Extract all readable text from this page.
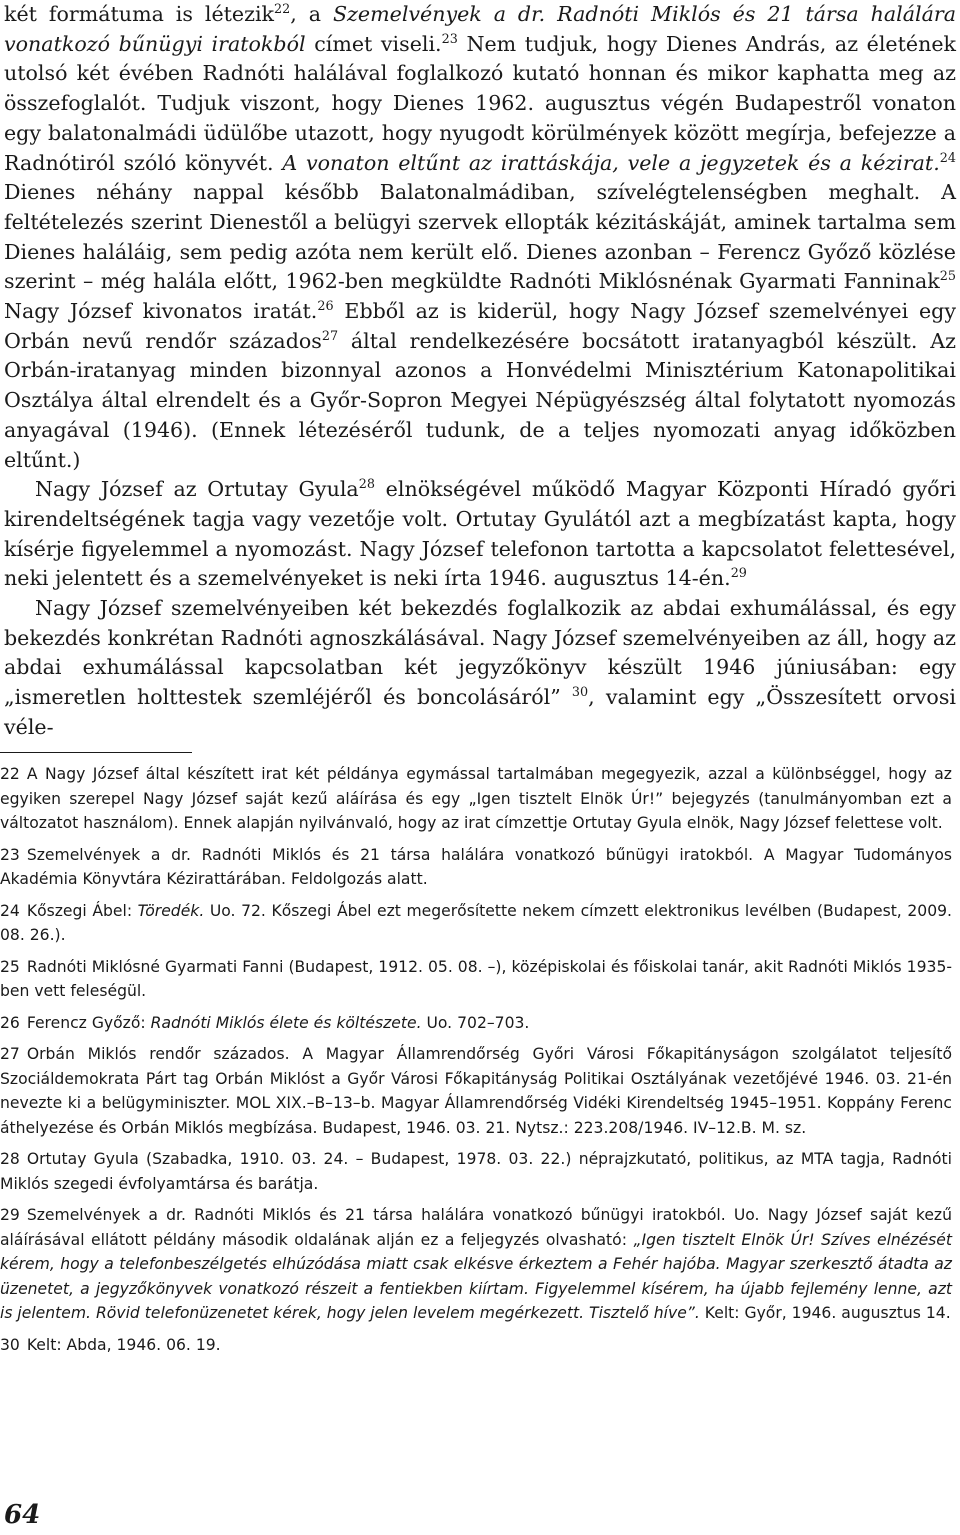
két formátuma is létezik$^{22}$, a Szemelvények a dr. Radnóti Miklós és 21 társa halálára vonatkozó bűnügyi iratokból címet viseli.$^{23}$ Nem tudjuk, hogy Dienes András, az életének utolsó két évében Radnóti halálával foglalkozó kutató honnan és mikor kaphatta meg az összefoglalót. Tudjuk viszont, hogy Dienes 1962. augusztus végén Budapestről vonaton egy balatonalmádi üdülőbe utazott, hogy nyugodt körülmények között megírja, befejezze a Radnótiról szóló könyvét. A vonaton eltűnt az irattáskája, vele a jegyzetek és a kézirat.$^{24}$ Dienes néhány nappal később Balatonalmádiban, szívelégtelenségben meghalt. A feltételezés szerint Dienestől a belügyi szervek ellopták kézitáskáját, aminek tartalma sem Dienes haláláig, sem pedig azóta nem került elő. Dienes azonban – Ferencz Győző közlése szerint – még halála előtt, 1962-ben megküldte Radnóti Miklósnénak Gyarmati Fanninak$^{25}$ Nagy József kivonatos iratát.$^{26}$ Ebből az is kiderül, hogy Nagy József szemelvényei egy Orbán nevű rendőr százados$^{27}$ által rendelkezésére bocsátott iratanyagból készült. Az Orbán-iratanyag minden bizonnyal azonos a Honvédelmi Minisztérium Katonapolitikai Osztálya által elrendelt és a Győr-Sopron Megyei Népügyészség által folytatott nyomozás anyagával (1946). (Ennek létezéséről tudunk, de a teljes nyomozati anyag időközben eltűnt.)
Nagy József az Ortutay Gyula$^{28}$ elnökségével működő Magyar Központi Híradó győri kirendeltségének tagja vagy vezetője volt. Ortutay Gyulától azt a megbízatást kapta, hogy kísérje figyelemmel a nyomozást. Nagy József telefonon tartotta a kapcsolatot felettesével, neki jelentett és a szemelvényeket is neki írta 1946. augusztus 14-én.$^{29}$
Nagy József szemelvényeiben két bekezdés foglalkozik az abdai exhumálással, és egy bekezdés konkrétan Radnóti agnoszkálásával. Nagy József szemelvényeiben az áll, hogy az abdai exhumálással kapcsolatban két jegyzőkönyv készült 1946 júniusában: egy „ismeretlen holttestek szemléjéről és boncolásáról” $^{30}$, valamint egy „Összesített orvosi véle-

22 A Nagy József által készített irat két példánya egymással tartalmában megegyezik, azzal a különbséggel, hogy az egyiken szerepel Nagy József saját kezű aláírása és egy „Igen tisztelt Elnök Úr!” bejegyzés (tanulmányomban ezt a változatot használom). Ennek alapján nyilvánvaló, hogy az irat címzettje Ortutay Gyula elnök, Nagy József felettese volt.

23 Szemelvények a dr. Radnóti Miklós és 21 társa halálára vonatkozó bűnügyi iratokból. A Magyar Tudományos Akadémia Könyvtára Kézirattárában. Feldolgozás alatt.

24 Kőszegi Ábel: Töredék. Uo. 72. Kőszegi Ábel ezt megerősítette nekem címzett elektronikus levélben (Budapest, 2009. 08. 26.).

25 Radnóti Miklósné Gyarmati Fanni (Budapest, 1912. 05. 08. –), középiskolai és főiskolai tanár, akit Radnóti Miklós 1935-ben vett feleségül.

26 Ferencz Győző: Radnóti Miklós élete és költészete. Uo. 702–703.

27 Orbán Miklós rendőr százados. A Magyar Államrendőrség Győri Városi Főkapitányságon szolgálatot teljesítő Szociáldemokrata Párt tag Orbán Miklóst a Győr Városi Főkapitányság Politikai Osztályának vezetőjévé 1946. 03. 21-én nevezte ki a belügyminiszter. MOL XIX.–B–13–b. Magyar Államrendőrség Vidéki Kirendeltség 1945–1951. Koppány Ferenc áthelyezése és Orbán Miklós megbízása. Budapest, 1946. 03. 21. Nytsz.: 223.208/1946. IV–12.B. M. sz.

28 Ortutay Gyula (Szabadka, 1910. 03. 24. – Budapest, 1978. 03. 22.) néprajzkutató, politikus, az MTA tagja, Radnóti Miklós szegedi évfolyamtársa és barátja.

29 Szemelvények a dr. Radnóti Miklós és 21 társa halálára vonatkozó bűnügyi iratokból. Uo. Nagy József saját kezű aláírásával ellátott példány második oldalának alján ez a feljegyzés olvasható: „Igen tisztelt Elnök Úr! Szíves elnézését kérem, hogy a telefonbeszélgetés elhúzódása miatt csak elkésve érkeztem a Fehér hajóba. Magyar szerkesztő átadta az üzenetet, a jegyzőkönyvek vonatkozó részeit a fentiekben kiírtam. Figyelemmel kísérem, ha újabb fejlemény lenne, azt is jelentem. Rövid telefonüzenetet kérek, hogy jelen levelem megérkezett. Tisztelő híve”. Kelt: Győr, 1946. augusztus 14.

30 Kelt: Abda, 1946. 06. 19.

64
